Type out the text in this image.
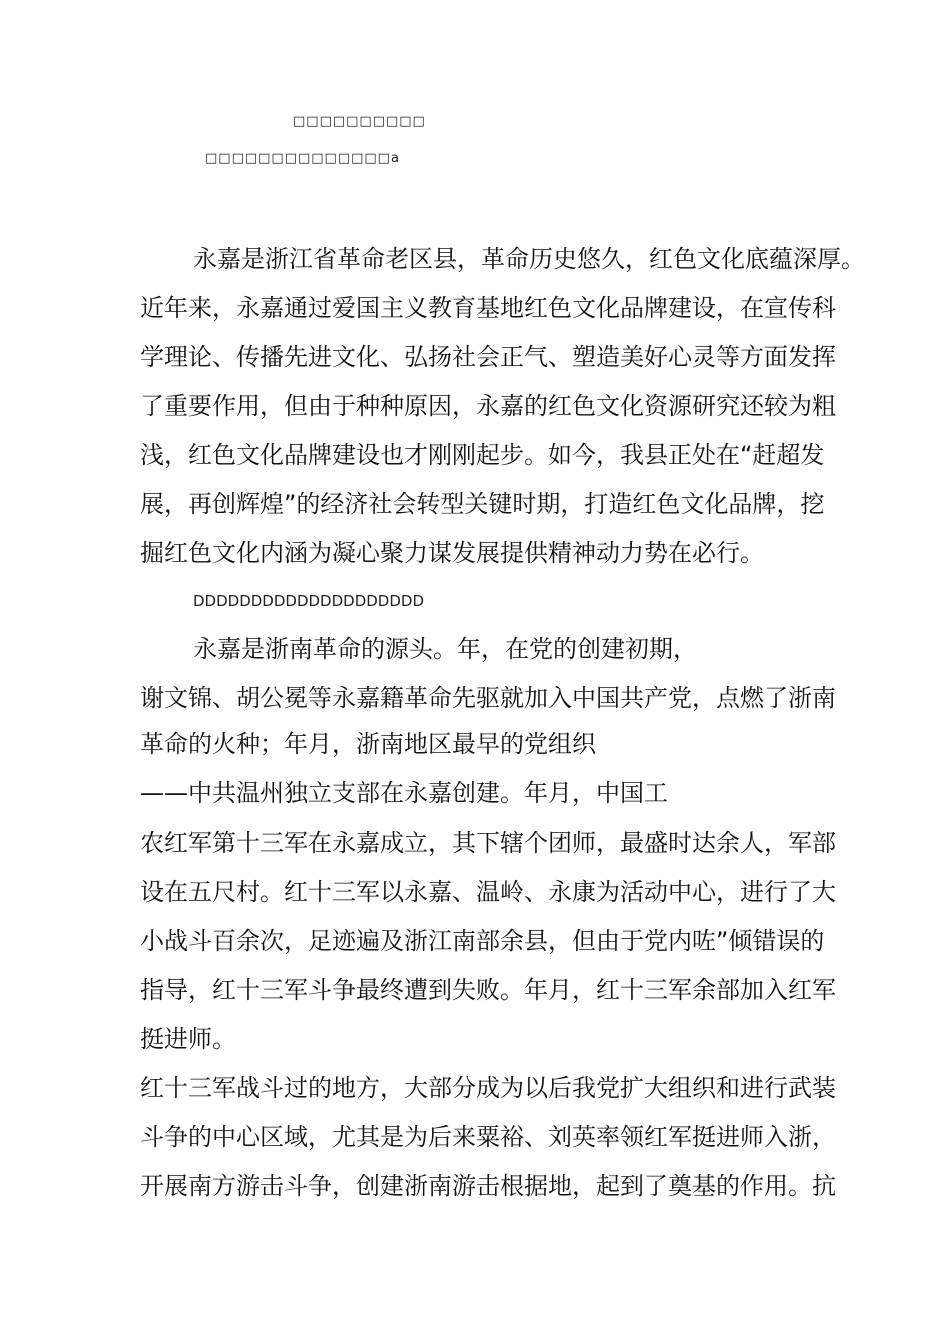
□□□□□□□□□□
□□□□□□□□□□□□□□a
永嘉是浙江省革命老区县，革命历史悠久，红色文化底蕴深厚。
近年来，永嘉通过爱国主义教育基地红色文化品牌建设，在宣传科
学理论、传播先进文化、弘扬社会正气、塑造美好心灵等方面发挥
了重要作用，但由于种种原因，永嘉的红色文化资源研究还较为粗
浅，红色文化品牌建设也才刚刚起步。如今，我县正处在“赶超发
展，再创辉煌”的经济社会转型关键时期，打造红色文化品牌，挖
掘红色文化内涵为凝心聚力谋发展提供精神动力势在必行。
DDDDDDDDDDDDDDDDDDDD
永嘉是浙南革命的源头。年，在党的创建初期，
谢文锦、胡公冕等永嘉籍革命先驱就加入中国共产党，点燃了浙南
革命的火种；年月，浙南地区最早的党组织
——中共温州独立支部在永嘉创建。年月，中国工
农红军第十三军在永嘉成立，其下辖个团师，最盛时达余人，军部
设在五尺村。红十三军以永嘉、温岭、永康为活动中心，进行了大
小战斗百余次，足迹遍及浙江南部余县，但由于党内咗”倾错误的
指导，红十三军斗争最终遭到失败。年月，红十三军余部加入红军
挺进师。
红十三军战斗过的地方，大部分成为以后我党扩大组织和进行武装
斗争的中心区域，尤其是为后来粟裕、刘英率领红军挺进师入浙，
开展南方游击斗争，创建浙南游击根据地，起到了奠基的作用。抗
